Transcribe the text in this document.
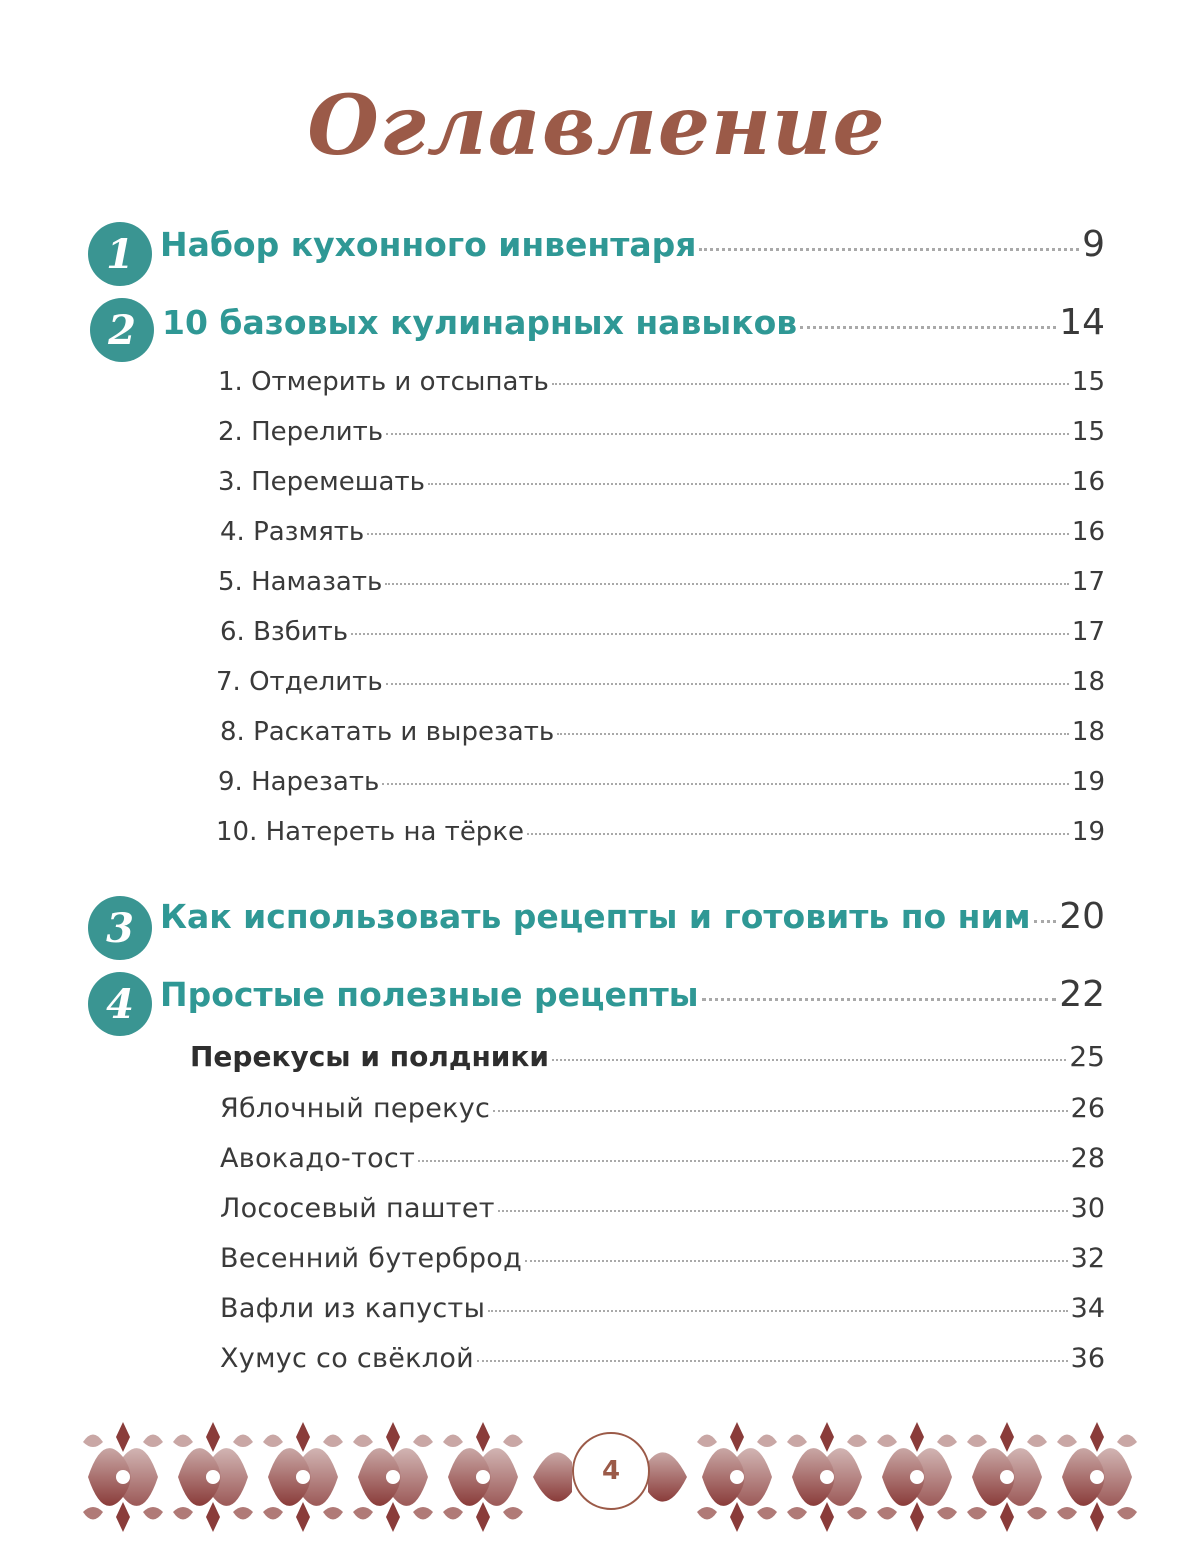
Оглавление
1 Набор кухонного инвентаря	9
2 10 базовых кулинарных навыков	14
1. Отмерить и отсыпать	15
2. Перелить	15
3. Перемешать	16
4. Размять	16
5. Намазать	17
6. Взбить	17
7. Отделить	18
8. Раскатать и вырезать	18
9. Нарезать	19
10. Натереть на тёрке	19
3 Как использовать рецепты и готовить по ним 20
4 Простые полезные рецепты	22
Перекусы и полдники	25
Яблочный перекус	26
Авокадо-тост	28
Лососевый паштет	30
Весенний бутерброд	32
Вафли из капусты	34
Хумус со свёклой	36
4
